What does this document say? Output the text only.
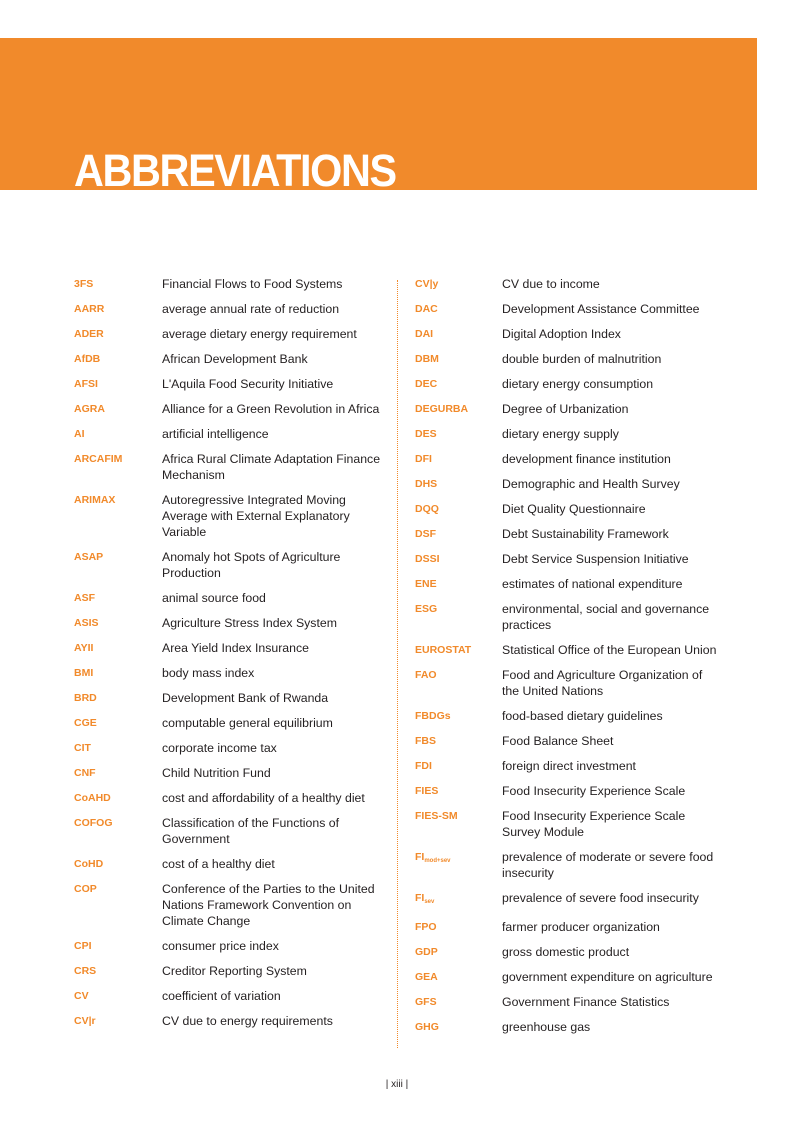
ABBREVIATIONS
3FS	Financial Flows to Food Systems
AARR	average annual rate of reduction
ADER	average dietary energy requirement
AfDB	African Development Bank
AFSI	L'Aquila Food Security Initiative
AGRA	Alliance for a Green Revolution in Africa
AI	artificial intelligence
ARCAFIM	Africa Rural Climate Adaptation Finance Mechanism
ARIMAX	Autoregressive Integrated Moving Average with External Explanatory Variable
ASAP	Anomaly hot Spots of Agriculture Production
ASF	animal source food
ASIS	Agriculture Stress Index System
AYII	Area Yield Index Insurance
BMI	body mass index
BRD	Development Bank of Rwanda
CGE	computable general equilibrium
CIT	corporate income tax
CNF	Child Nutrition Fund
CoAHD	cost and affordability of a healthy diet
COFOG	Classification of the Functions of Government
CoHD	cost of a healthy diet
COP	Conference of the Parties to the United Nations Framework Convention on Climate Change
CPI	consumer price index
CRS	Creditor Reporting System
CV	coefficient of variation
CV|r	CV due to energy requirements
CV|y	CV due to income
DAC	Development Assistance Committee
DAI	Digital Adoption Index
DBM	double burden of malnutrition
DEC	dietary energy consumption
DEGURBA	Degree of Urbanization
DES	dietary energy supply
DFI	development finance institution
DHS	Demographic and Health Survey
DQQ	Diet Quality Questionnaire
DSF	Debt Sustainability Framework
DSSI	Debt Service Suspension Initiative
ENE	estimates of national expenditure
ESG	environmental, social and governance practices
EUROSTAT	Statistical Office of the European Union
FAO	Food and Agriculture Organization of the United Nations
FBDGs	food-based dietary guidelines
FBS	Food Balance Sheet
FDI	foreign direct investment
FIES	Food Insecurity Experience Scale
FIES-SM	Food Insecurity Experience Scale Survey Module
$FI_{mod+sev}$	prevalence of moderate or severe food insecurity
$FI_{sev}$	prevalence of severe food insecurity
FPO	farmer producer organization
GDP	gross domestic product
GEA	government expenditure on agriculture
GFS	Government Finance Statistics
GHG	greenhouse gas
| xiii |
